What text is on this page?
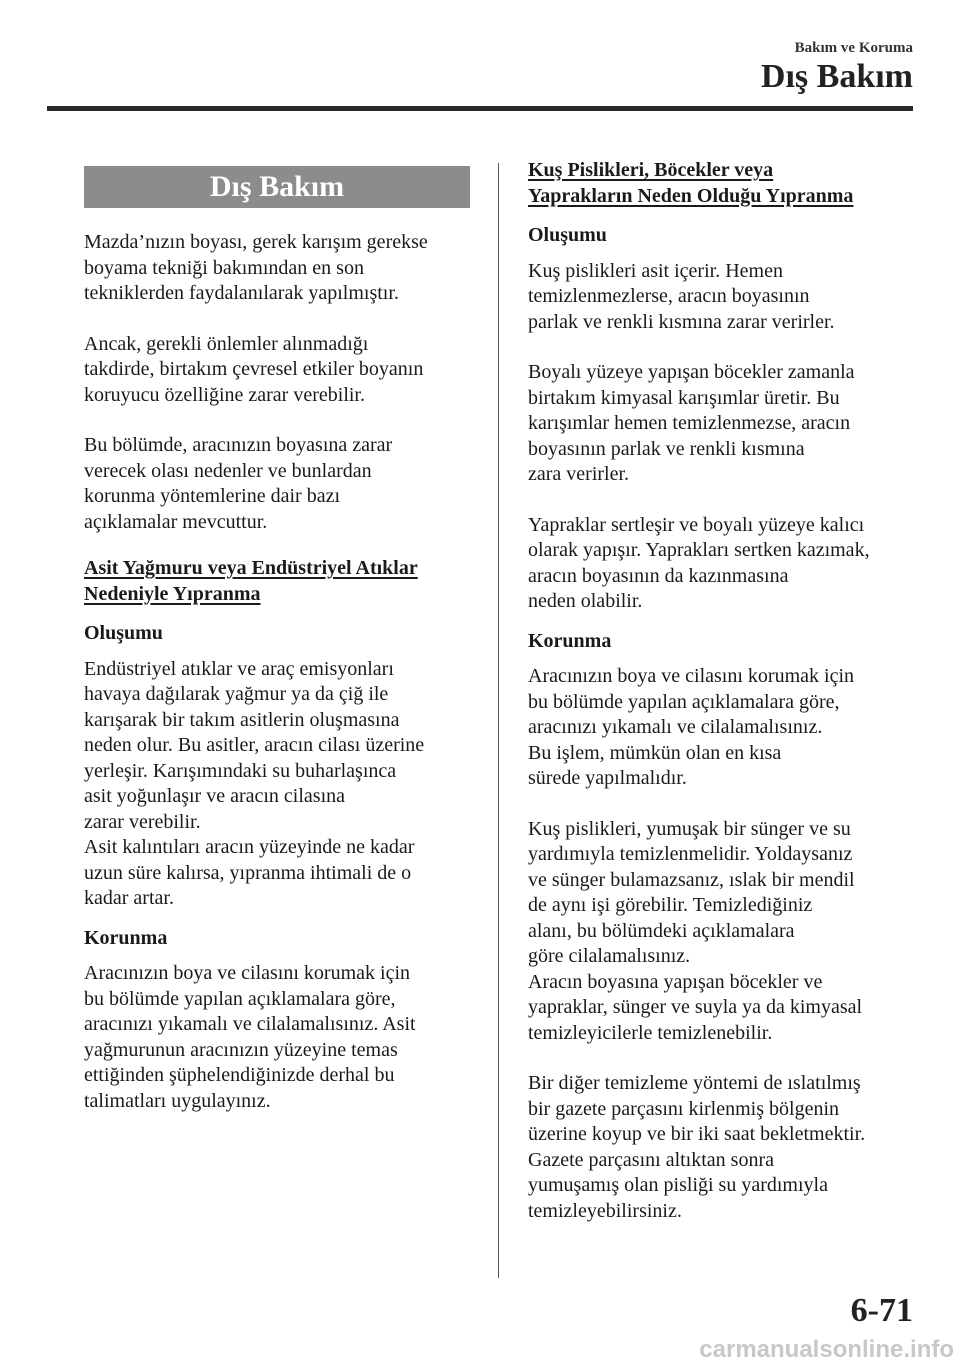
Bakım ve Koruma
Dış Bakım
Dış Bakım

Mazda’nızın boyası, gerek karışım gerekse
boyama tekniği bakımından en son
tekniklerden faydalanılarak yapılmıştır.

Ancak, gerekli önlemler alınmadığı
takdirde, birtakım çevresel etkiler boyanın
koruyucu özelliğine zarar verebilir.

Bu bölümde, aracınızın boyasına zarar
verecek olası nedenler ve bunlardan
korunma yöntemlerine dair bazı
açıklamalar mevcuttur.

Asit Yağmuru veya Endüstriyel Atıklar
Nedeniyle Yıpranma
Oluşumu

Endüstriyel atıklar ve araç emisyonları
havaya dağılarak yağmur ya da çiğ ile
karışarak bir takım asitlerin oluşmasına
neden olur. Bu asitler, aracın cilası üzerine
yerleşir. Karışımındaki su buharlaşınca
asit yoğunlaşır ve aracın cilasına
zarar verebilir.
Asit kalıntıları aracın yüzeyinde ne kadar
uzun süre kalırsa, yıpranma ihtimali de o
kadar artar.

Korunma

Aracınızın boya ve cilasını korumak için
bu bölümde yapılan açıklamalara göre,
aracınızı yıkamalı ve cilalamalısınız. Asit
yağmurunun aracınızın yüzeyine temas
ettiğinden şüphelendiğinizde derhal bu
talimatları uygulayınız.

Kuş Pislikleri, Böcekler veya
Yaprakların Neden Olduğu Yıpranma
Oluşumu

Kuş pislikleri asit içerir. Hemen
temizlenmezlerse, aracın boyasının
parlak ve renkli kısmına zarar verirler.

Boyalı yüzeye yapışan böcekler zamanla
birtakım kimyasal karışımlar üretir. Bu
karışımlar hemen temizlenmezse, aracın
boyasının parlak ve renkli kısmına
zara verirler.

Yapraklar sertleşir ve boyalı yüzeye kalıcı
olarak yapışır. Yaprakları sertken kazımak,
aracın boyasının da kazınmasına
neden olabilir.

Korunma

Aracınızın boya ve cilasını korumak için
bu bölümde yapılan açıklamalara göre,
aracınızı yıkamalı ve cilalamalısınız.
Bu işlem, mümkün olan en kısa
sürede yapılmalıdır.

Kuş pislikleri, yumuşak bir sünger ve su
yardımıyla temizlenmelidir. Yoldaysanız
ve sünger bulamazsanız, ıslak bir mendil
de aynı işi görebilir. Temizlediğiniz
alanı, bu bölümdeki açıklamalara
göre cilalamalısınız.
Aracın boyasına yapışan böcekler ve
yapraklar, sünger ve suyla ya da kimyasal
temizleyicilerle temizlenebilir.

Bir diğer temizleme yöntemi de ıslatılmış
bir gazete parçasını kirlenmiş bölgenin
üzerine koyup ve bir iki saat bekletmektir.
Gazete parçasını altıktan sonra
yumuşamış olan pisliği su yardımıyla
temizleyebilirsiniz.

6-71
carmanualsonline.info
